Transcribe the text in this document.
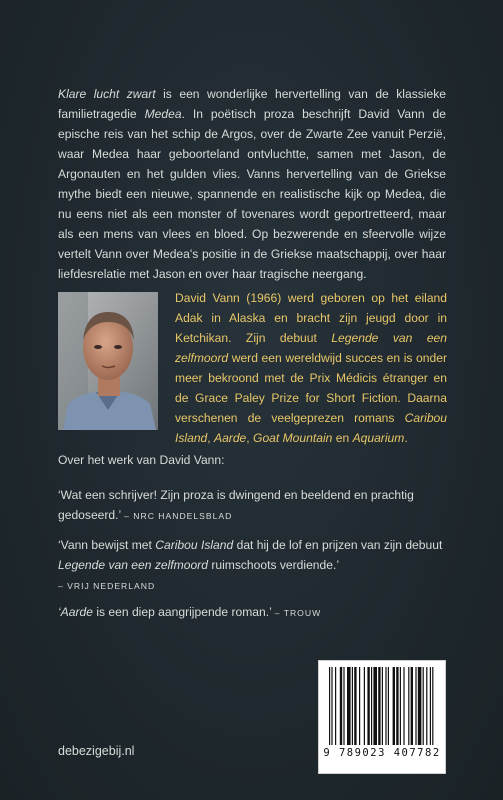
Klare lucht zwart is een wonderlijke hervertelling van de klassieke familietragedie Medea. In poëtisch proza beschrijft David Vann de epische reis van het schip de Argos, over de Zwarte Zee vanuit Perzië, waar Medea haar geboorteland ontvluchtte, samen met Jason, de Argonauten en het gulden vlies. Vanns hervertelling van de Griekse mythe biedt een nieuwe, spannende en realistische kijk op Medea, die nu eens niet als een monster of tovenares wordt geportretteerd, maar als een mens van vlees en bloed. Op bezwerende en sfeervolle wijze vertelt Vann over Medea's positie in de Griekse maatschappij, over haar liefdesrelatie met Jason en over haar tragische neergang.

David Vann (1966) werd geboren op het eiland Adak in Alaska en bracht zijn jeugd door in Ketchikan. Zijn debuut Legende van een zelfmoord werd een wereldwijd succes en is onder meer bekroond met de Prix Médicis étranger en de Grace Paley Prize for Short Fiction. Daarna verschenen de veelgeprezen romans Caribou Island, Aarde, Goat Mountain en Aquarium.

Over het werk van David Vann:

‘Wat een schrijver! Zijn proza is dwingend en beeldend en prachtig gedoseerd.’ – NRC HANDELSBLAD

‘Vann bewijst met Caribou Island dat hij de lof en prijzen van zijn debuut Legende van een zelfmoord ruimschoots verdiende.’
– VRIJ NEDERLAND

‘Aarde is een diep aangrijpende roman.’ – TROUW

debezigebij.nl	9 789023 407782
